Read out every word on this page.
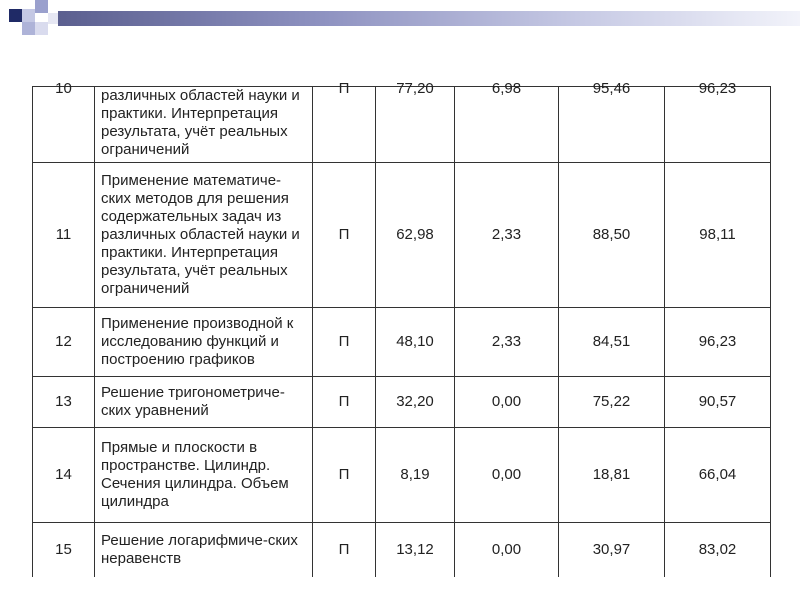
10	различных областей науки и практики. Интерпретация результата, учёт реальных ограничений	П	77,20	6,98	95,46	96,23
11	Применение математиче-ских методов для решения содержательных задач из различных областей науки и практики. Интерпретация результата, учёт реальных ограничений	П	62,98	2,33	88,50	98,11
12	Применение производной к исследованию функций и построению графиков	П	48,10	2,33	84,51	96,23
13	Решение тригонометриче-ских уравнений	П	32,20	0,00	75,22	90,57
14	Прямые и плоскости в пространстве. Цилиндр. Сечения цилиндра. Объем цилиндра	П	8,19	0,00	18,81	66,04
15	Решение логарифмиче-ских неравенств	П	13,12	0,00	30,97	83,02
